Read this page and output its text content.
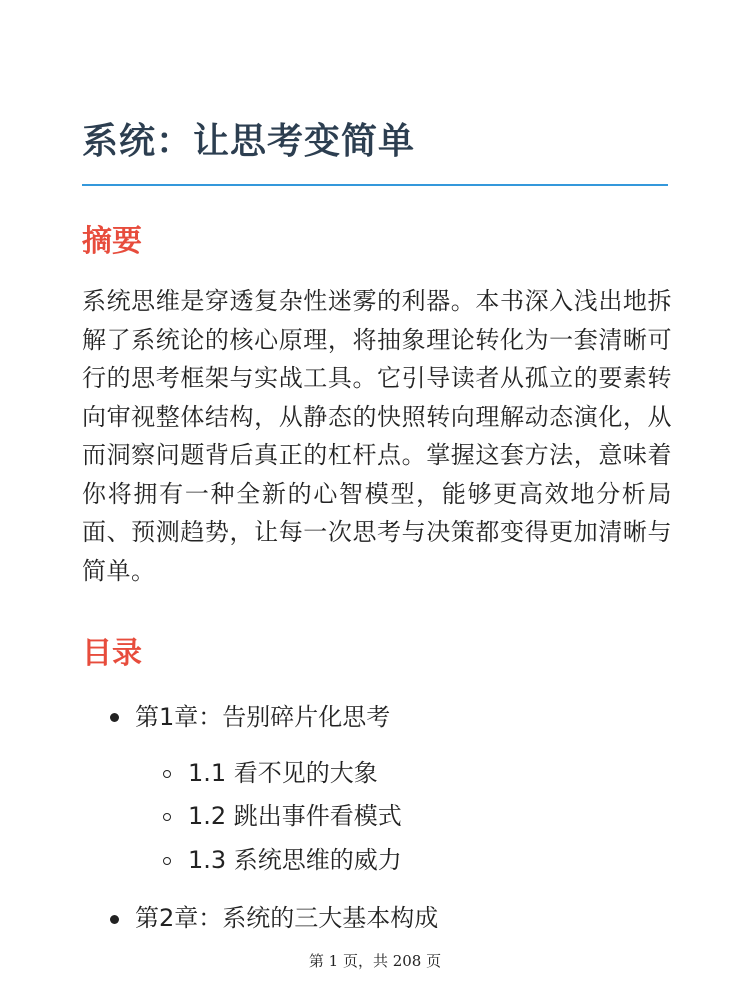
系统：让思考变简单
摘要

系统思维是穿透复杂性迷雾的利器。本书深入浅出地拆解了系统论的核心原理，将抽象理论转化为一套清晰可行的思考框架与实战工具。它引导读者从孤立的要素转向审视整体结构，从静态的快照转向理解动态演化，从而洞察问题背后真正的杠杆点。掌握这套方法，意味着你将拥有一种全新的心智模型，能够更高效地分析局面、预测趋势，让每一次思考与决策都变得更加清晰与简单。

目录
第1章：告别碎片化思考
1.1 看不见的大象
1.2 跳出事件看模式
1.3 系统思维的威力
第2章：系统的三大基本构成
第 1 页，共 208 页
